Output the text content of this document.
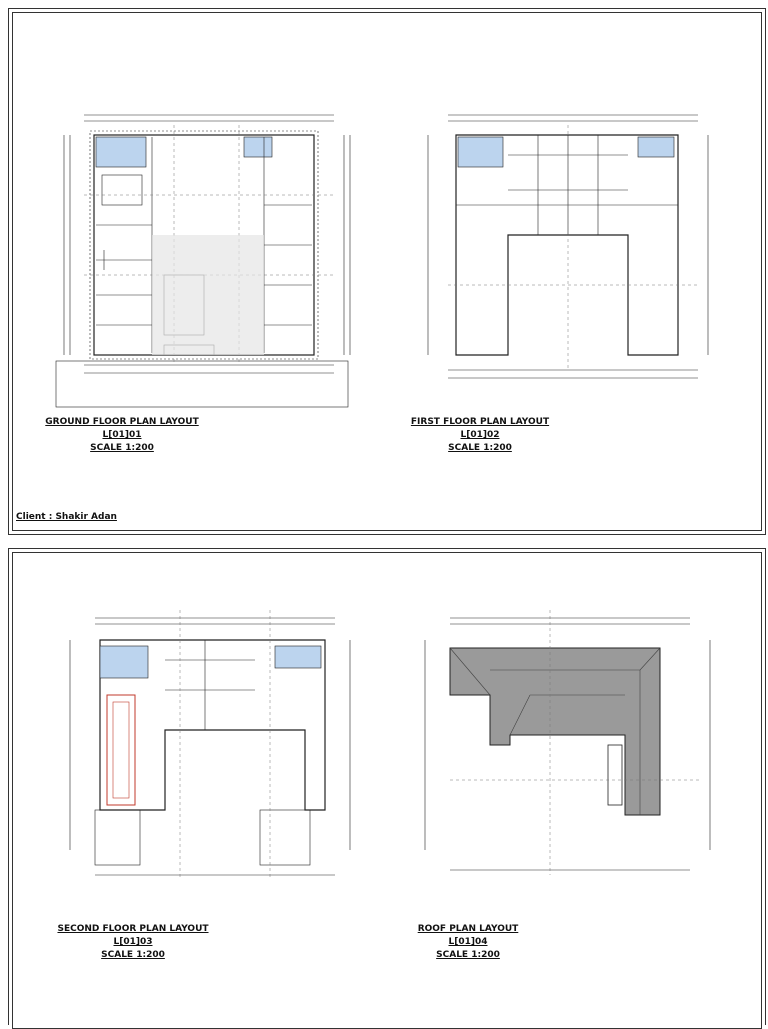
GROUND FLOOR PLAN LAYOUT
L[01]01
SCALE 1:200
FIRST FLOOR PLAN LAYOUT
L[01]02
SCALE 1:200
Client : Shakir Adan
SECOND FLOOR PLAN LAYOUT
L[01]03
SCALE 1:200
ROOF PLAN LAYOUT
L[01]04
SCALE 1:200
